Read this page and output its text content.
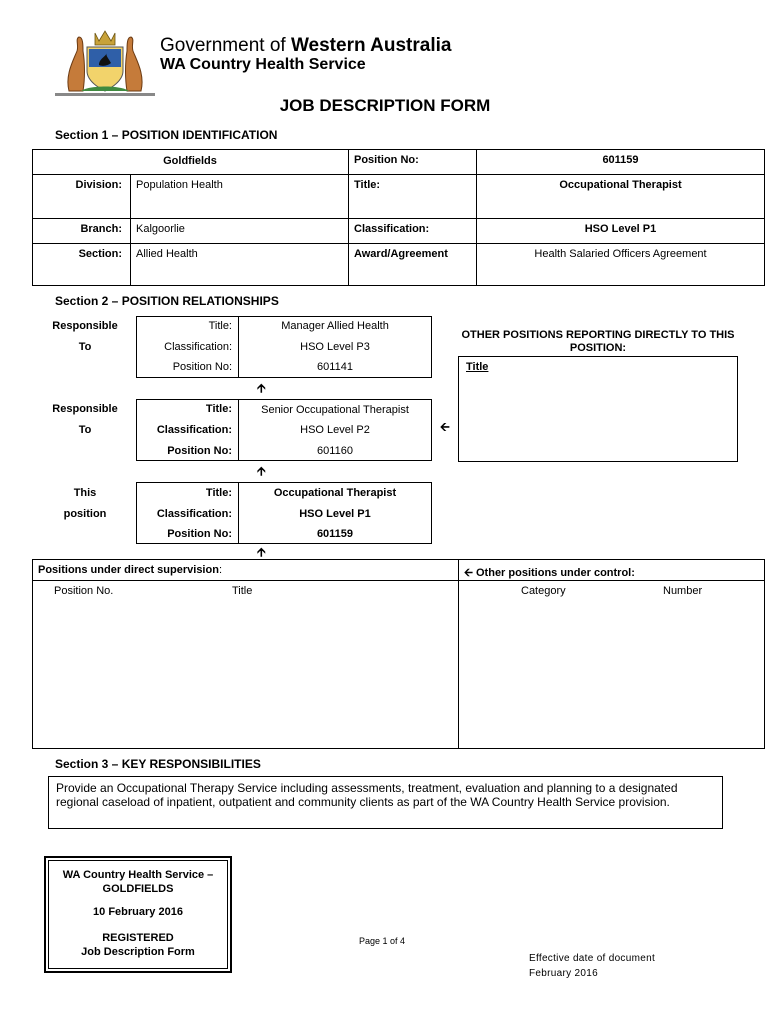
Government of Western Australia
WA Country Health Service
JOB DESCRIPTION FORM
Section 1 – POSITION IDENTIFICATION
Goldfields	Position No:	601159
Division: Population Health	Title:	Occupational Therapist
Branch: Kalgoorlie	Classification:	HSO Level P1
Section: Allied Health	Award/Agreement	Health Salaried Officers Agreement
Section 2 – POSITION RELATIONSHIPS
Responsible
To
Title:	Manager Allied Health
Classification:	HSO Level P3
Position No:	601141
🡩
Responsible
To
Title:	Senior Occupational Therapist
Classification:	HSO Level P2
Position No:	601160
🡨
🡩
This
position
Title:	Occupational Therapist
Classification:	HSO Level P1
Position No:	601159
🡩
OTHER POSITIONS REPORTING DIRECTLY TO THIS POSITION:
Title
Positions under direct supervision:	🡨 Other positions under control:
Position No.	Title	Category	Number
Section 3 – KEY RESPONSIBILITIES
Provide an Occupational Therapy Service including assessments, treatment, evaluation and planning to a designated regional caseload of inpatient, outpatient and community clients as part of the WA Country Health Service provision.
WA Country Health Service –
GOLDFIELDS
10 February 2016
REGISTERED
Job Description Form
Page 1 of 4
Effective date of document
February 2016
